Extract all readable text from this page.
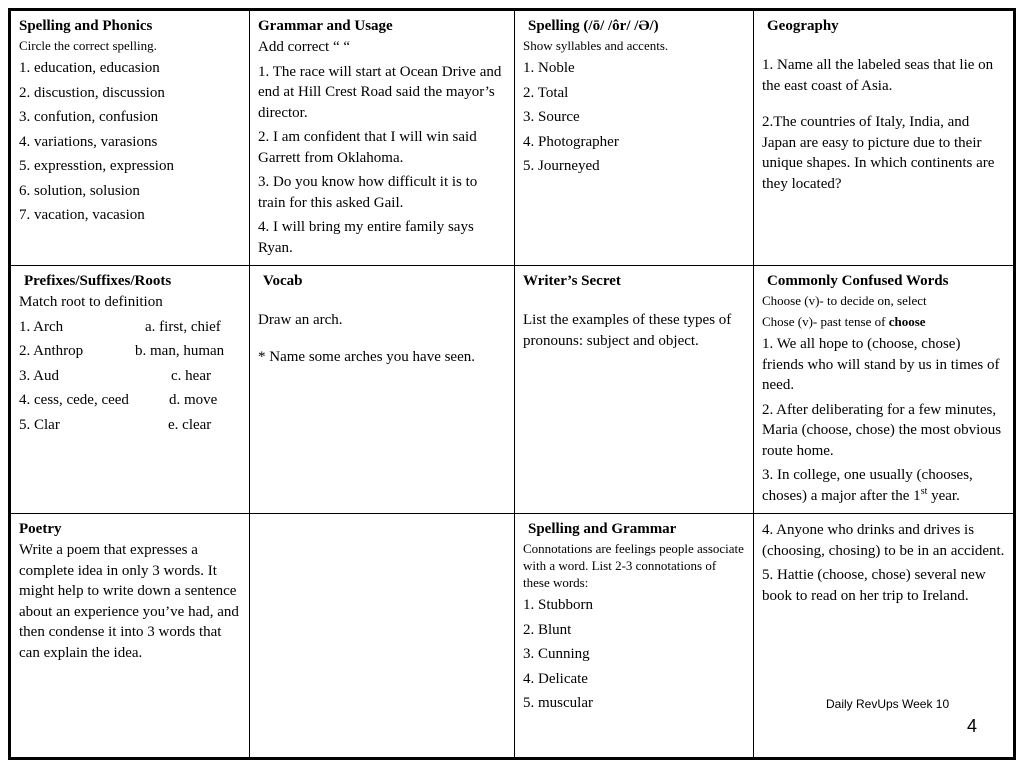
Spelling and Phonics
Circle the correct spelling.
1. education, educasion
2. discustion, discussion
3. confution, confusion
4. variations, varasions
5. expresstion, expression
6. solution, solusion
7. vacation, vacasion
Grammar and Usage
Add correct “ “
1. The race will start at Ocean Drive and end at Hill Crest Road said the mayor’s director.
2. I am confident that I will win said Garrett from Oklahoma.
3. Do you know how difficult it is to train for this asked Gail.
4. I will bring my entire family says Ryan.
Spelling (/ō/ /ôr/ /Ə/)
Show syllables and accents.
1. Noble
2. Total
3. Source
4. Photographer
5. Journeyed
Geography
1. Name all the labeled seas that lie on the east coast of Asia.
2.The countries of Italy, India, and Japan are easy to picture due to their unique shapes. In which continents are they located?
Prefixes/Suffixes/Roots
Match root to definition
1. Arch	a. first, chief
2. Anthrop	b. man, human
3. Aud	c. hear
4. cess, cede, ceed	d. move
5. Clar	e. clear
Vocab
Draw an arch.
* Name some arches you have seen.
Writer’s Secret
List the examples of these types of pronouns: subject and object.
Commonly Confused Words
Choose (v)- to decide on, select
Chose (v)- past tense of choose
1. We all hope to (choose, chose) friends who will stand by us in times of need.
2. After deliberating for a few minutes, Maria (choose, chose) the most obvious route home.
3. In college, one usually (chooses, choses) a major after the 1st year.
Poetry
Write a poem that expresses a complete idea in only 3 words. It might help to write down a sentence about an experience you’ve had, and then condense it into 3 words that can explain the idea.
Spelling and Grammar
Connotations are feelings people associate with a word. List 2-3 connotations of these words:
1. Stubborn
2. Blunt
3. Cunning
4. Delicate
5. muscular
4. Anyone who drinks and drives is (choosing, chosing) to be in an accident.
5. Hattie (choose, chose) several new book to read on her trip to Ireland.
Daily RevUps Week 10
4
